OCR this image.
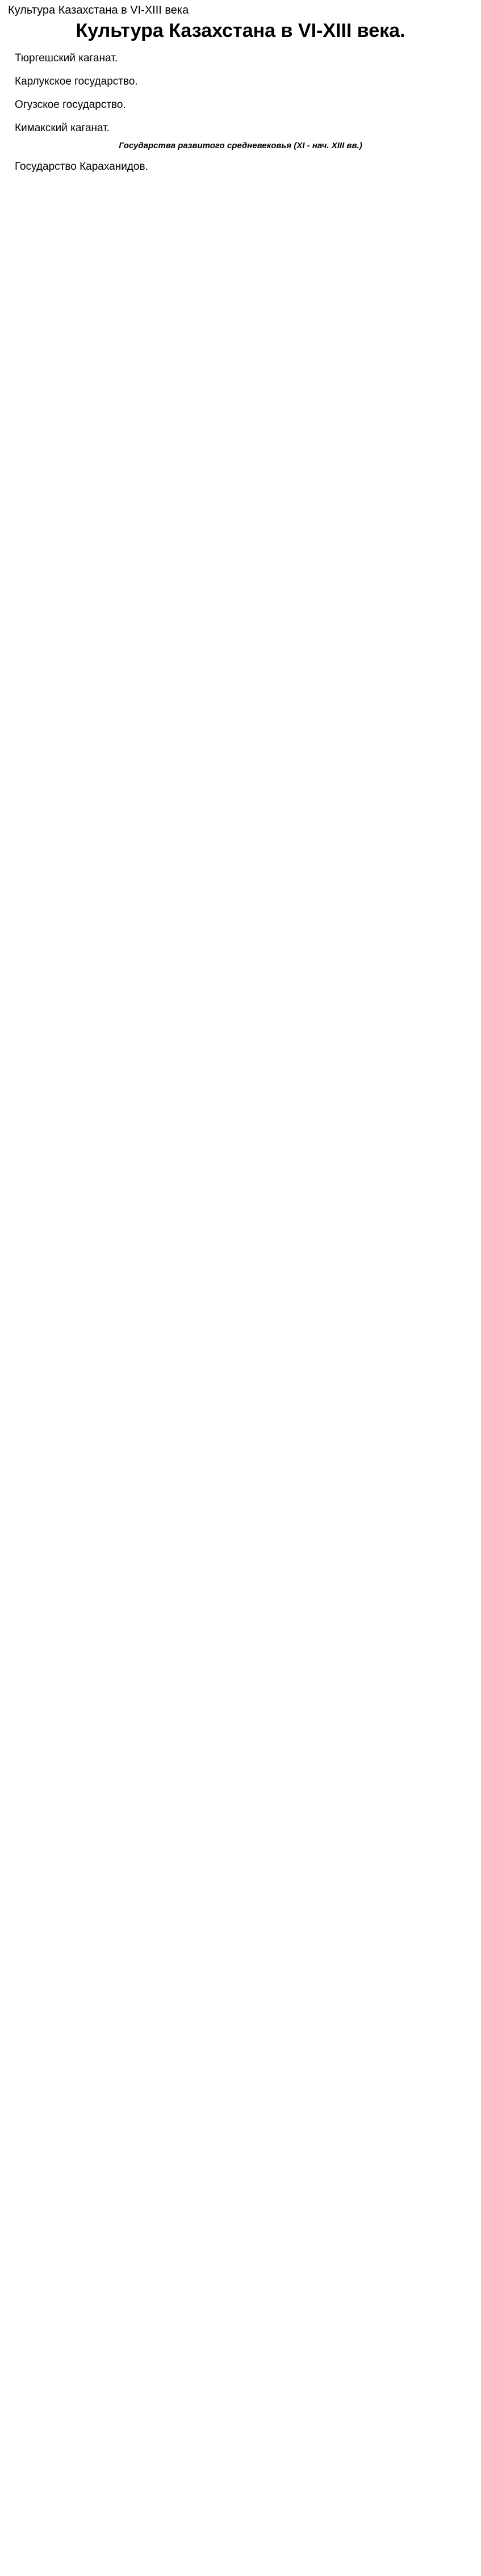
Культура Казахстана в VI-XIII века
Культура Казахстана в VI-XIII века.

Тюргешский каганат.

Карлукское государство.

Огузское государство.

Кимакский каганат.

Государства развитого средневековья (XI - нач. XIII вв.)
Государство Караханидов.
